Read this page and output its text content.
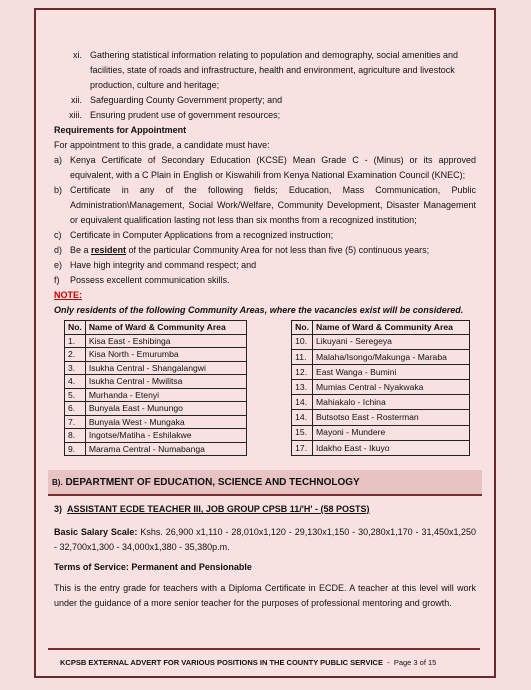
xi. Gathering statistical information relating to population and demography, social amenities and facilities, state of roads and infrastructure, health and environment, agriculture and livestock production, culture and heritage;
xii. Safeguarding County Government property; and
xiii. Ensuring prudent use of government resources;
Requirements for Appointment
For appointment to this grade, a candidate must have:
a) Kenya Certificate of Secondary Education (KCSE) Mean Grade C - (Minus) or its approved equivalent, with a C Plain in English or Kiswahili from Kenya National Examination Council (KNEC);
b) Certificate in any of the following fields; Education, Mass Communication, Public Administration\Management, Social Work/Welfare, Community Development, Disaster Management or equivalent qualification lasting not less than six months from a recognized institution;
c) Certificate in Computer Applications from a recognized instruction;
d) Be a resident of the particular Community Area for not less than five (5) continuous years;
e) Have high integrity and command respect; and
f)	Possess excellent communication skills.
NOTE:
Only residents of the following Community Areas, where the vacancies exist will be considered.
No.	Name of Ward & Community Area
1.	Kisa East - Eshibinga
2.	Kisa North - Emurumba
3.	Isukha Central - Shangalangwi
4.	Isukha Central - Mwilitsa
5.	Murhanda - Etenyi
6.	Bunyala East - Munungo
7.	Bunyala West - Mungaka
8.	Ingotse/Matiha - Eshilakwe
9.	Marama Central - Numabanga
No.	Name of Ward & Community Area
10.	Likuyani - Seregeya
11.	Malaha/Isongo/Makunga - Maraba
12.	East Wanga - Bumini
13.	Mumias Central - Nyakwaka
14.	Mahiakalo - Ichina
14.	Butsotso East - Rosterman
15.	Mayoni - Mundere
17.	Idakho East - Ikuyo
B). DEPARTMENT OF EDUCATION, SCIENCE AND TECHNOLOGY
3) ASSISTANT ECDE TEACHER III, JOB GROUP CPSB 11/'H' - (58 POSTS)
Basic Salary Scale: Kshs. 26,900 x1,110 - 28,010x1,120 - 29,130x1,150 - 30,280x1,170 - 31,450x1,250 - 32,700x1,300 - 34,000x1,380 - 35,380p.m.
Terms of Service: Permanent and Pensionable
This is the entry grade for teachers with a Diploma Certificate in ECDE. A teacher at this level will work under the guidance of a more senior teacher for the purposes of professional mentoring and growth.
KCPSB EXTERNAL ADVERT FOR VARIOUS POSITIONS IN THE COUNTY PUBLIC SERVICE - Page 3 of 15
